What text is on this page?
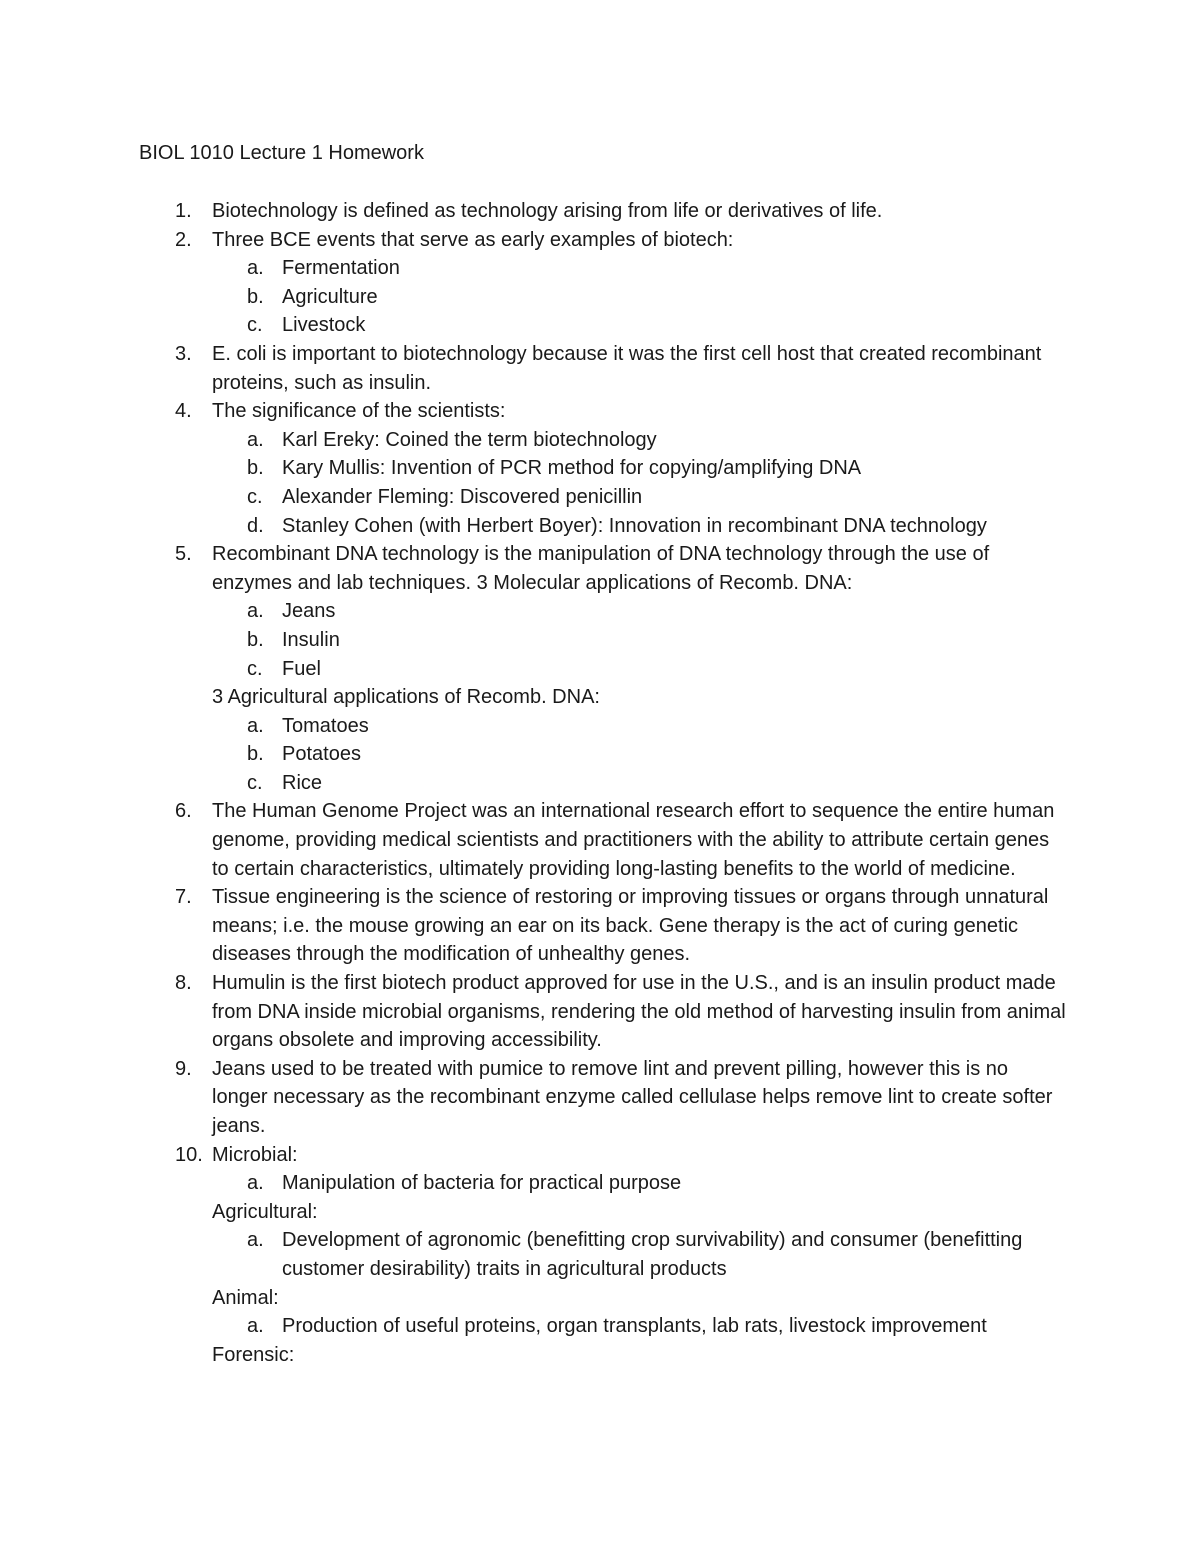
BIOL 1010 Lecture 1 Homework
1. Biotechnology is defined as technology arising from life or derivatives of life.
2. Three BCE events that serve as early examples of biotech:
a. Fermentation
b. Agriculture
c. Livestock
3. E. coli is important to biotechnology because it was the first cell host that created recombinant proteins, such as insulin.
4. The significance of the scientists:
a. Karl Ereky: Coined the term biotechnology
b. Kary Mullis: Invention of PCR method for copying/amplifying DNA
c. Alexander Fleming: Discovered penicillin
d. Stanley Cohen (with Herbert Boyer): Innovation in recombinant DNA technology
5. Recombinant DNA technology is the manipulation of DNA technology through the use of enzymes and lab techniques. 3 Molecular applications of Recomb. DNA:
a. Jeans
b. Insulin
c. Fuel
3 Agricultural applications of Recomb. DNA:
a. Tomatoes
b. Potatoes
c. Rice
6. The Human Genome Project was an international research effort to sequence the entire human genome, providing medical scientists and practitioners with the ability to attribute certain genes to certain characteristics, ultimately providing long-lasting benefits to the world of medicine.
7. Tissue engineering is the science of restoring or improving tissues or organs through unnatural means; i.e. the mouse growing an ear on its back. Gene therapy is the act of curing genetic diseases through the modification of unhealthy genes.
8. Humulin is the first biotech product approved for use in the U.S., and is an insulin product made from DNA inside microbial organisms, rendering the old method of harvesting insulin from animal organs obsolete and improving accessibility.
9. Jeans used to be treated with pumice to remove lint and prevent pilling, however this is no longer necessary as the recombinant enzyme called cellulase helps remove lint to create softer jeans.
10. Microbial:
a. Manipulation of bacteria for practical purpose
Agricultural:
a. Development of agronomic (benefitting crop survivability) and consumer (benefitting customer desirability) traits in agricultural products
Animal:
a. Production of useful proteins, organ transplants, lab rats, livestock improvement
Forensic:
